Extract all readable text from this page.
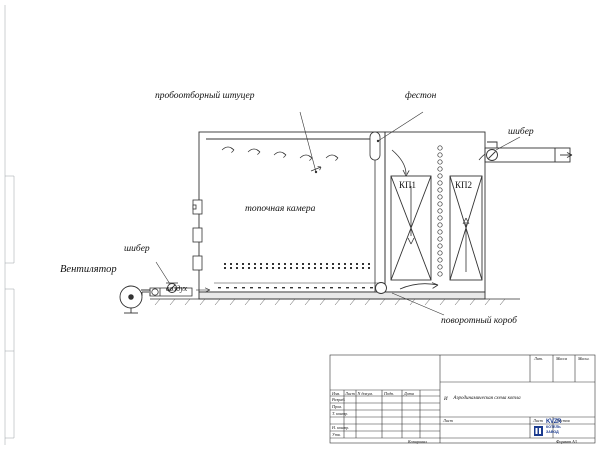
пробоотборный штуцер	фестон
шибер
топочная камера
шибер
Вентилятор
воздух
поворотный короб
КП1	КП2
Изм. Лист N докум.	Подп. Дата
Разраб.
Пров.
Т. контр.
Н. контр.
Утв.
Аэродинамическая схема котла
Лит.	Масса	Масш.
И
Лист	Листов
Лист
Копировал	Формат A3
КОТЕЛЬ
ЗАВОД
KVZR
